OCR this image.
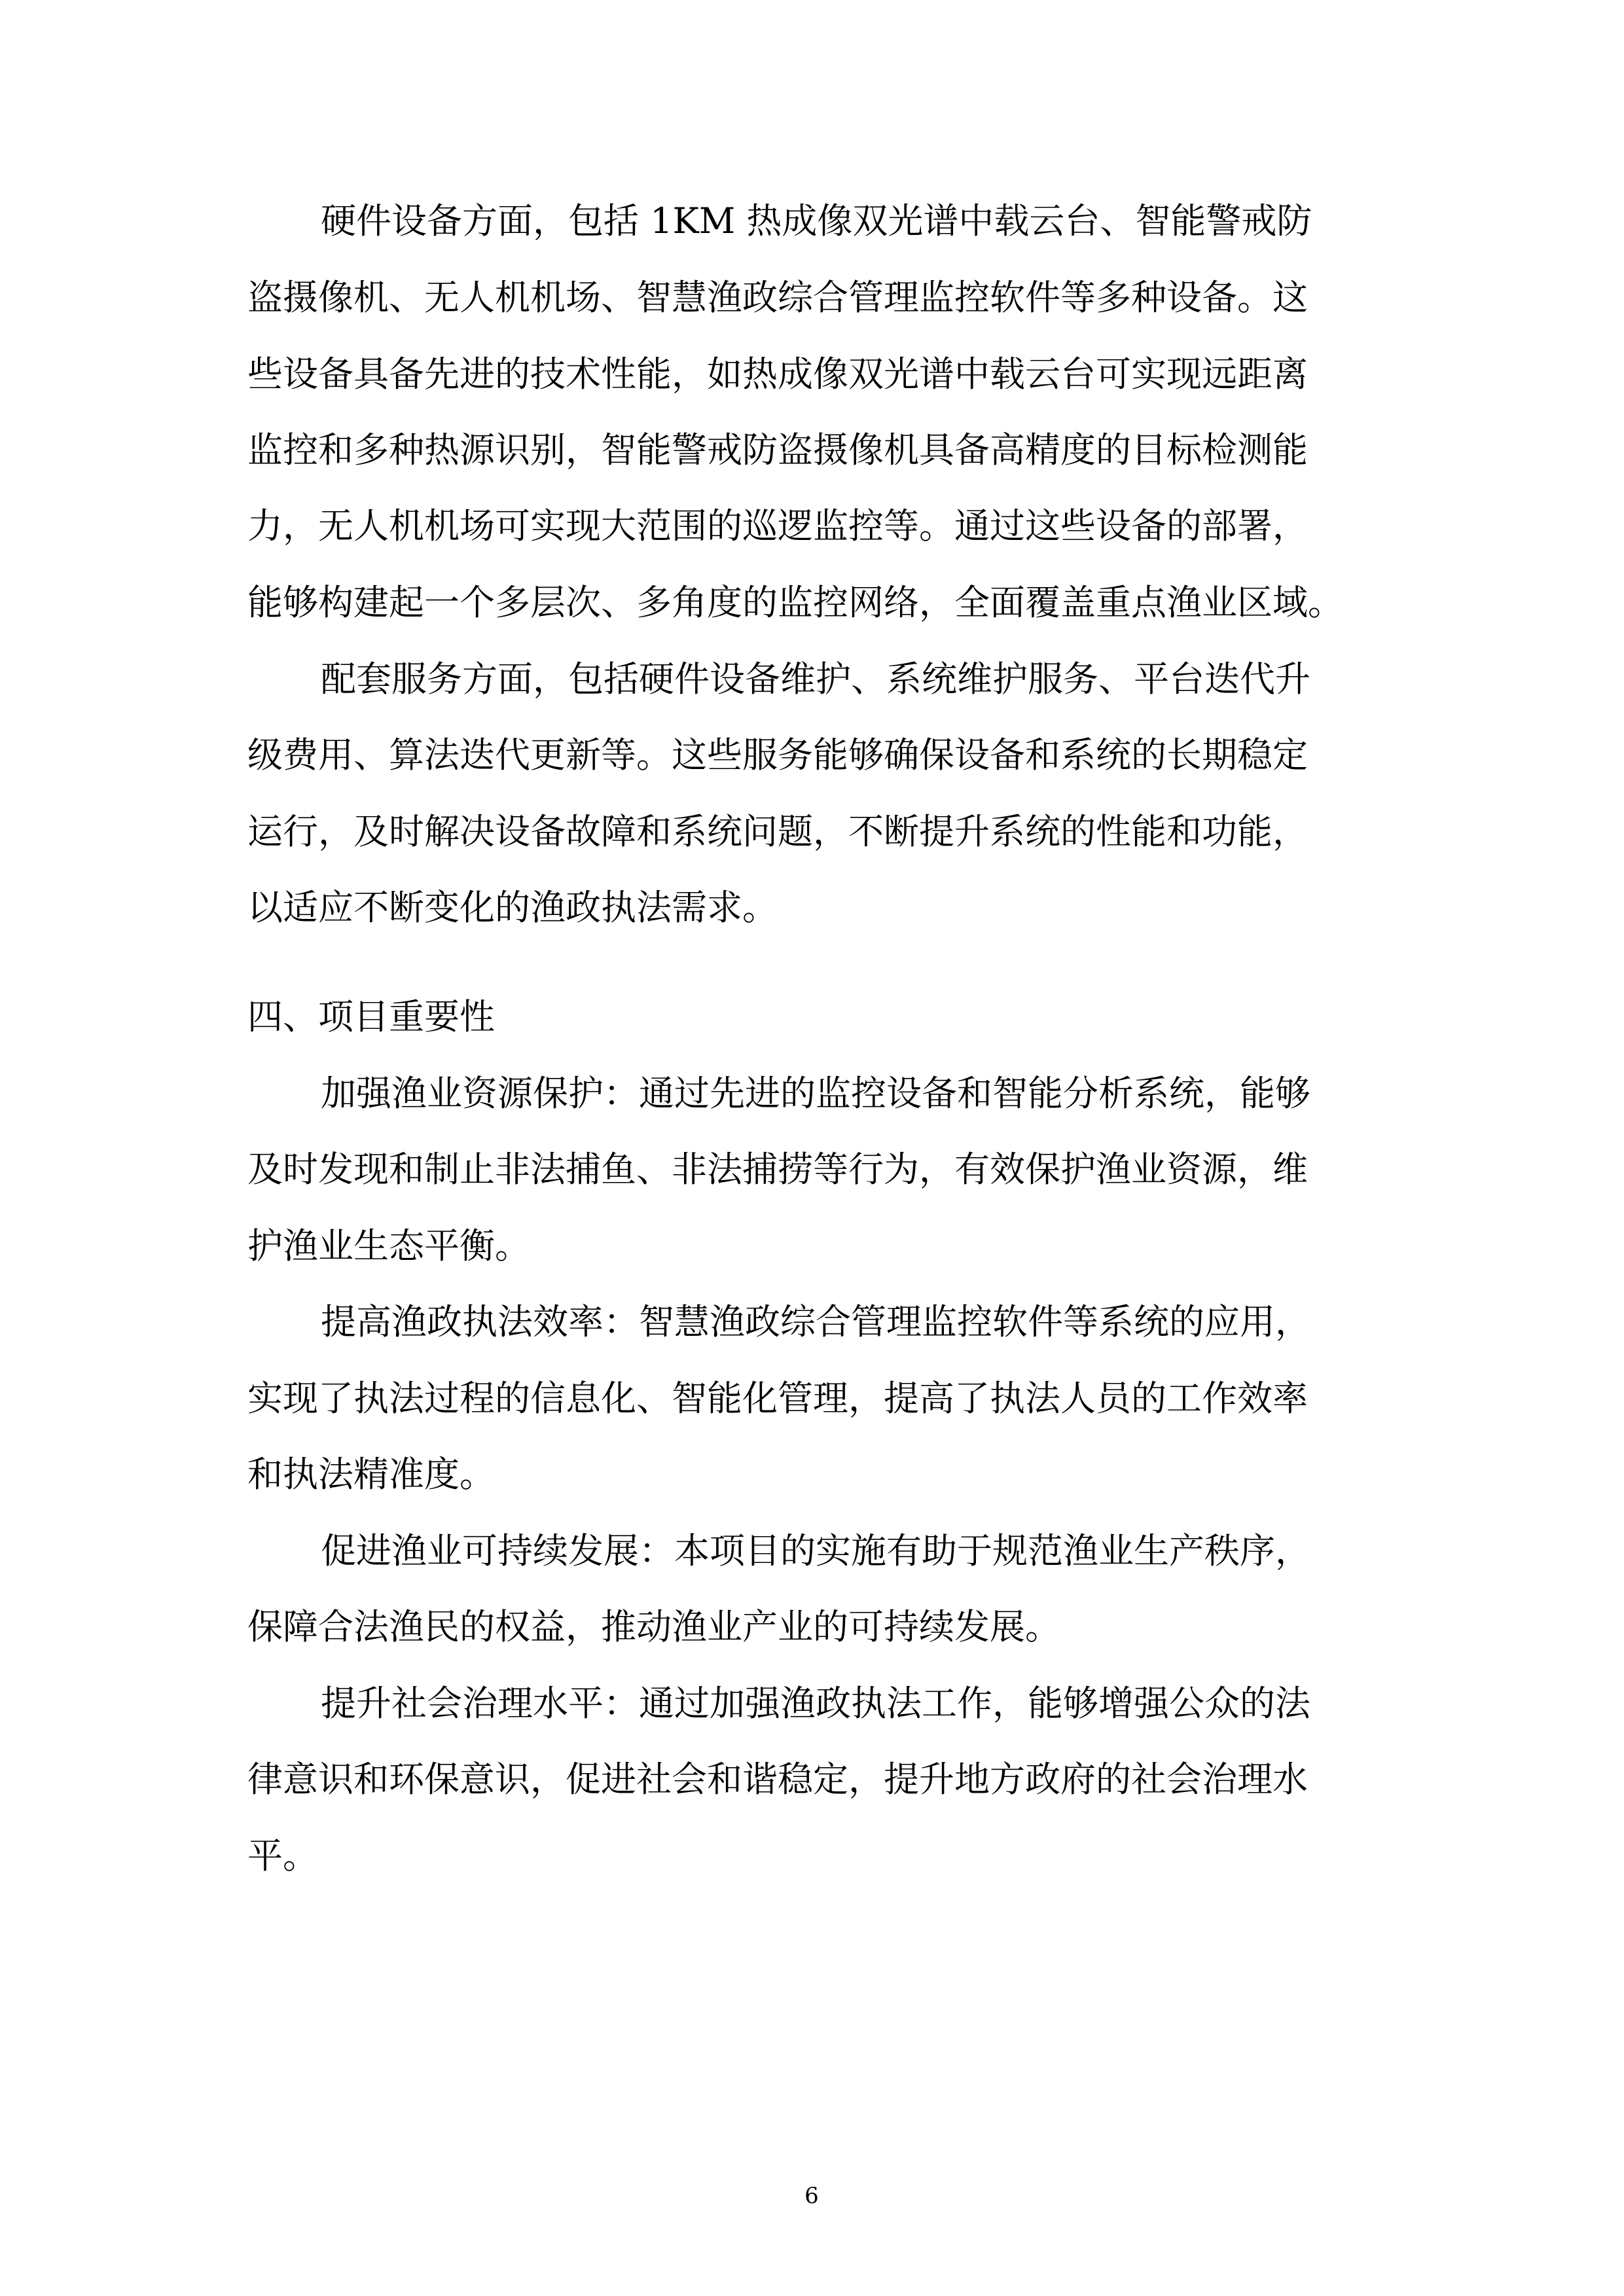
硬件设备方面，包括 1KM 热成像双光谱中载云台、智能警戒防

盗摄像机、无人机机场、智慧渔政综合管理监控软件等多种设备。这

些设备具备先进的技术性能，如热成像双光谱中载云台可实现远距离

监控和多种热源识别，智能警戒防盗摄像机具备高精度的目标检测能

力，无人机机场可实现大范围的巡逻监控等。通过这些设备的部署，

能够构建起一个多层次、多角度的监控网络，全面覆盖重点渔业区域。

配套服务方面，包括硬件设备维护、系统维护服务、平台迭代升

级费用、算法迭代更新等。这些服务能够确保设备和系统的长期稳定

运行，及时解决设备故障和系统问题，不断提升系统的性能和功能，

以适应不断变化的渔政执法需求。

四、项目重要性

加强渔业资源保护：通过先进的监控设备和智能分析系统，能够

及时发现和制止非法捕鱼、非法捕捞等行为，有效保护渔业资源，维

护渔业生态平衡。

提高渔政执法效率：智慧渔政综合管理监控软件等系统的应用，

实现了执法过程的信息化、智能化管理，提高了执法人员的工作效率

和执法精准度。

促进渔业可持续发展：本项目的实施有助于规范渔业生产秩序，

保障合法渔民的权益，推动渔业产业的可持续发展。

提升社会治理水平：通过加强渔政执法工作，能够增强公众的法

律意识和环保意识，促进社会和谐稳定，提升地方政府的社会治理水

平。

6
